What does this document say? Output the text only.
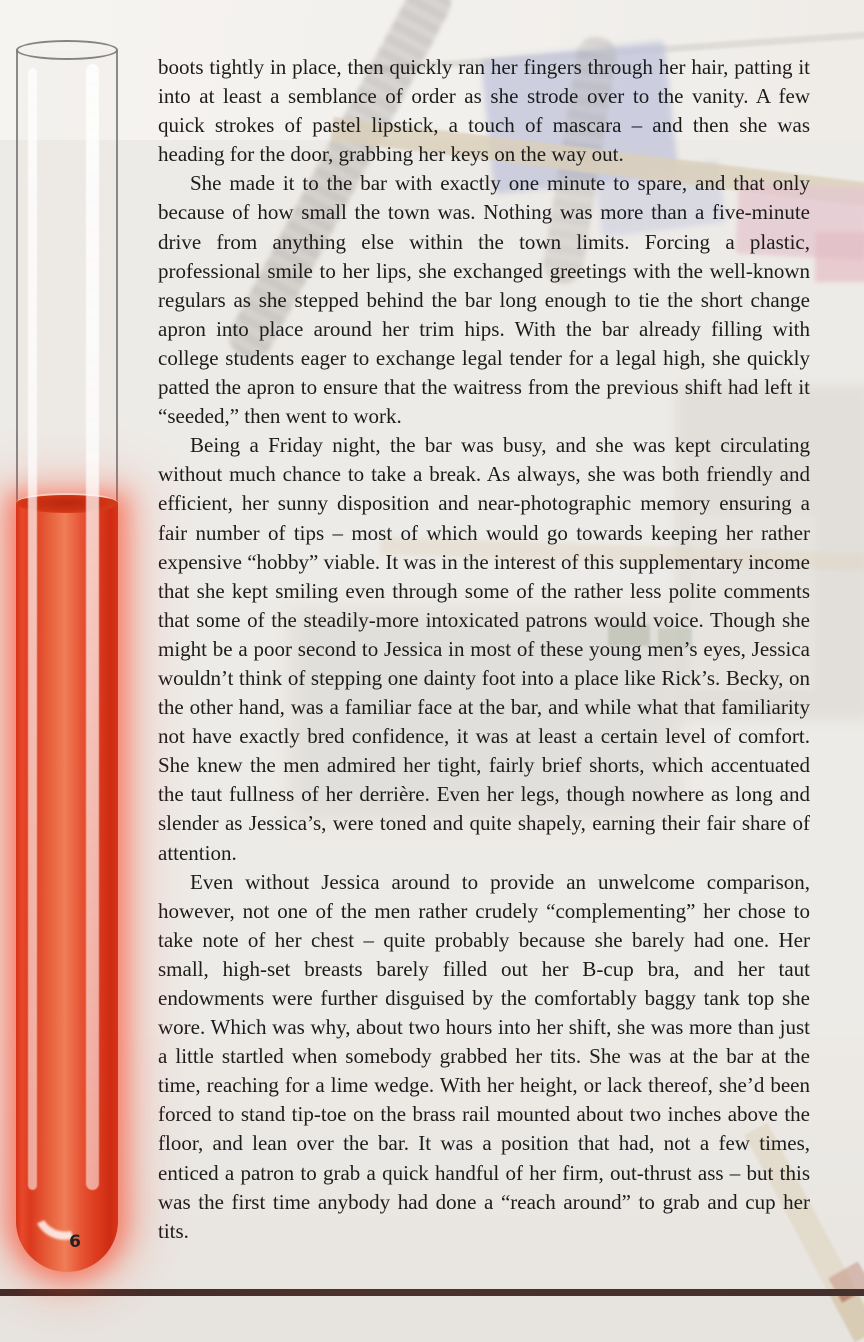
boots tightly in place, then quickly ran her fingers through her hair, patting it into at least a semblance of order as she strode over to the vanity. A few quick strokes of pastel lipstick, a touch of mascara – and then she was heading for the door, grabbing her keys on the way out.

She made it to the bar with exactly one minute to spare, and that only because of how small the town was. Nothing was more than a five-minute drive from anything else within the town limits. Forcing a plastic, professional smile to her lips, she exchanged greetings with the well-known regulars as she stepped behind the bar long enough to tie the short change apron into place around her trim hips. With the bar already filling with college students eager to exchange legal tender for a legal high, she quickly patted the apron to ensure that the waitress from the previous shift had left it “seeded,” then went to work.

Being a Friday night, the bar was busy, and she was kept circulating without much chance to take a break. As always, she was both friendly and efficient, her sunny disposition and near-photographic memory ensuring a fair number of tips – most of which would go towards keeping her rather expensive “hobby” viable. It was in the interest of this supplementary income that she kept smiling even through some of the rather less polite comments that some of the steadily-more intoxicated patrons would voice. Though she might be a poor second to Jessica in most of these young men’s eyes, Jessica wouldn’t think of stepping one dainty foot into a place like Rick’s. Becky, on the other hand, was a familiar face at the bar, and while what that familiarity not have exactly bred confidence, it was at least a certain level of comfort. She knew the men admired her tight, fairly brief shorts, which accentuated the taut fullness of her derrière. Even her legs, though nowhere as long and slender as Jessica’s, were toned and quite shapely, earning their fair share of attention.

Even without Jessica around to provide an unwelcome comparison, however, not one of the men rather crudely “complementing” her chose to take note of her chest – quite probably because she barely had one. Her small, high-set breasts barely filled out her B-cup bra, and her taut endowments were further disguised by the comfortably baggy tank top she wore. Which was why, about two hours into her shift, she was more than just a little startled when somebody grabbed her tits. She was at the bar at the time, reaching for a lime wedge. With her height, or lack thereof, she’d been forced to stand tip-toe on the brass rail mounted about two inches above the floor, and lean over the bar. It was a position that had, not a few times, enticed a patron to grab a quick handful of her firm, out-thrust ass – but this was the first time anybody had done a “reach around” to grab and cup her tits.

6
